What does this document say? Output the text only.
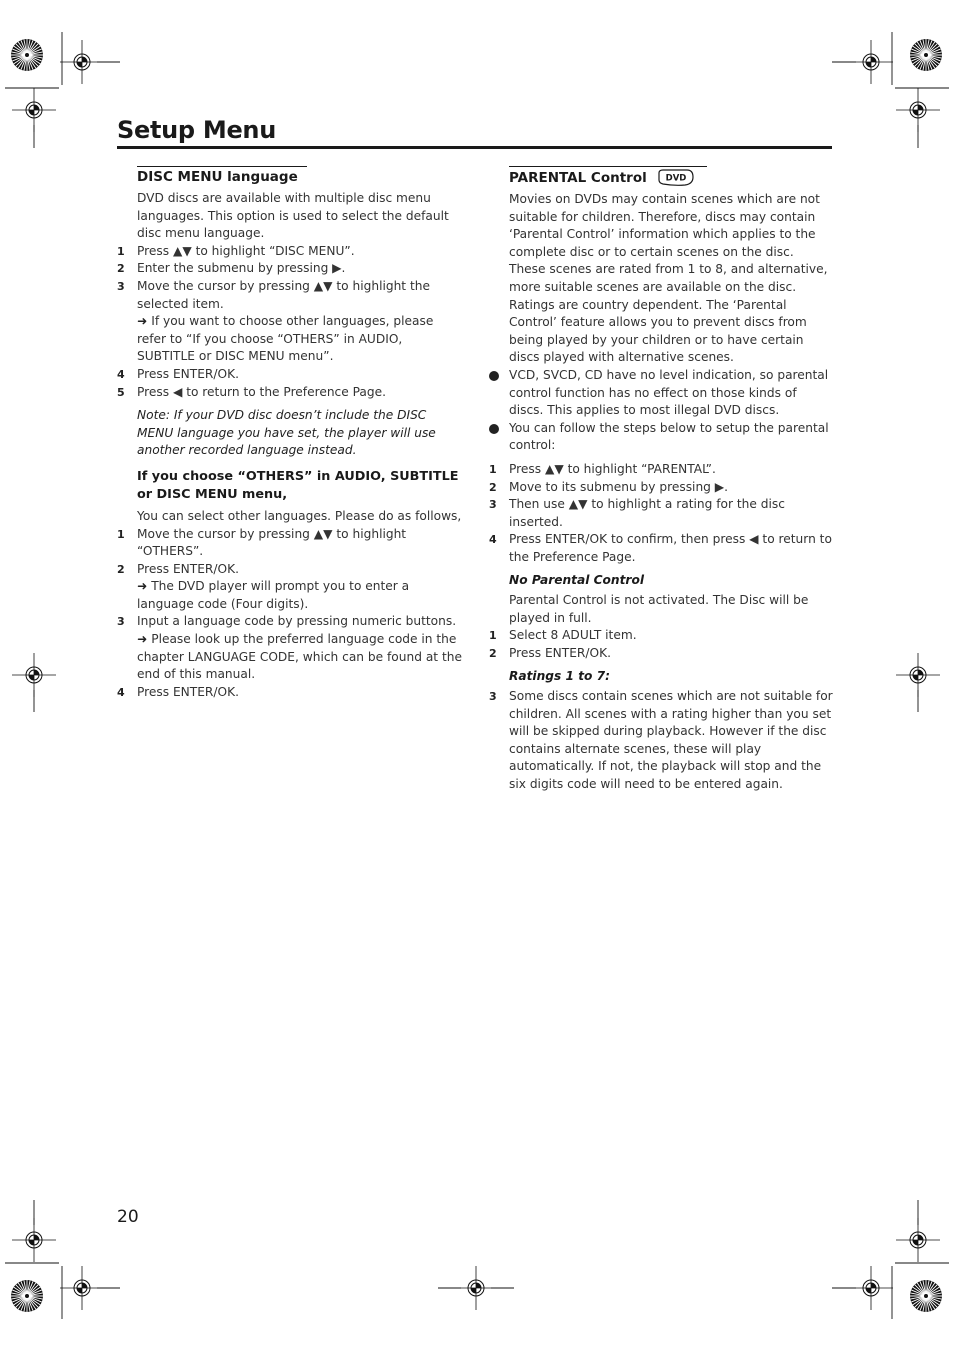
Setup Menu
DISC MENU language

DVD discs are available with multiple disc menu languages. This option is used to select the default disc menu language.

1 Press ▲▼ to highlight “DISC MENU”.

2 Enter the submenu by pressing ▶.

3 Move the cursor by pressing ▲▼ to highlight the selected item.

➜ If you want to choose other languages, please refer to “If you choose “OTHERS” in AUDIO, SUBTITLE or DISC MENU menu”.

4 Press ENTER/OK.

5 Press ◀ to return to the Preference Page.

Note: If your DVD disc doesn’t include the DISC MENU language you have set, the player will use another recorded language instead.

If you choose “OTHERS” in AUDIO, SUBTITLE or DISC MENU menu,

You can select other languages. Please do as follows,

1 Move the cursor by pressing ▲▼ to highlight “OTHERS”.

2 Press ENTER/OK.

➜ The DVD player will prompt you to enter a language code (Four digits).

3 Input a language code by pressing numeric buttons.

➜ Please look up the preferred language code in the chapter LANGUAGE CODE, which can be found at the end of this manual.

4 Press ENTER/OK.

PARENTAL Control DVD

Movies on DVDs may contain scenes which are not suitable for children. Therefore, discs may contain ‘Parental Control’ information which applies to the complete disc or to certain scenes on the disc. These scenes are rated from 1 to 8, and alternative, more suitable scenes are available on the disc. Ratings are country dependent. The ‘Parental Control’ feature allows you to prevent discs from being played by your children or to have certain discs played with alternative scenes.

VCD, SVCD, CD have no level indication, so parental control function has no effect on those kinds of discs. This applies to most illegal DVD discs.

You can follow the steps below to setup the parental control:

1 Press ▲▼ to highlight “PARENTAL”.

2 Move to its submenu by pressing ▶.

3 Then use ▲▼ to highlight a rating for the disc inserted.

4 Press ENTER/OK to confirm, then press ◀ to return to the Preference Page.

No Parental Control

Parental Control is not activated. The Disc will be played in full.

1 Select 8 ADULT item.

2 Press ENTER/OK.

Ratings 1 to 7:

3 Some discs contain scenes which are not suitable for children. All scenes with a rating higher than you set will be skipped during playback. However if the disc contains alternate scenes, these will play automatically. If not, the playback will stop and the six digits code will need to be entered again.

20
